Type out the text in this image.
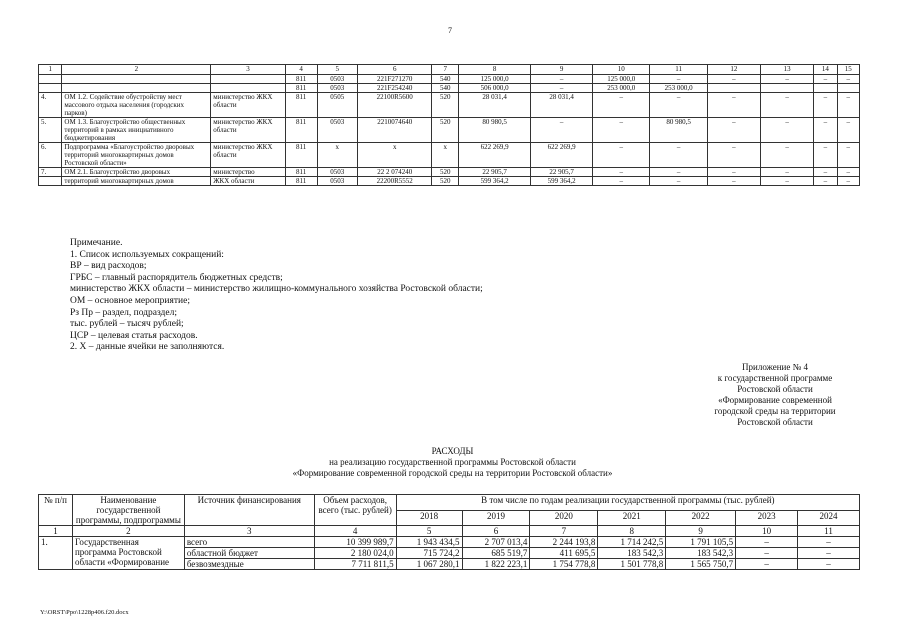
7
1	2	3	4	5	6	7	8	9	10	11	12	13	14	15
			811	0503	221F271270	540	125 000,0	–	125 000,0	–	–	–	–	–
			811	0503	221F254240	540	506 000,0	–	253 000,0	253 000,0				
4.	ОМ 1.2. Содействие обустройству мест массового отдыха населения (городских парков)	министерство ЖКХ области	811	0505	22100R5600	520	28 031,4	28 031,4	–	–	–	–	–	–
5.	ОМ 1.3. Благоустройство общественных территорий в рамках инициативного бюджетирования	министерство ЖКХ области	811	0503	2210074640	520	80 980,5	–	–	80 980,5	–	–	–	–
6.	Подпрограмма «Благоустройство дворовых территорий многоквартирных домов Ростовской области»	министерство ЖКХ области	811	х	х	х	622 269,9	622 269,9	–	–	–	–	–	–
7.	ОМ 2.1. Благоустройство дворовых	министерство	811	0503	22 2 074240	520	22 905,7	22 905,7	–	–	–	–	–	–
	территорий многоквартирных домов	ЖКХ области	811	0503	22200R5552	520	599 364,2	599 364,2	–	–	–	–	–	–
Примечание.
1. Список используемых сокращений:
ВР – вид расходов;
ГРБС – главный распорядитель бюджетных средств;
министерство ЖКХ области – министерство жилищно-коммунального хозяйства Ростовской области;
ОМ – основное мероприятие;
Рз Пр – раздел, подраздел;
тыс. рублей – тысяч рублей;
ЦСР – целевая статья расходов.
2. Х – данные ячейки не заполняются.
Приложение № 4
к государственной программе
Ростовской области
«Формирование современной
городской среды на территории
Ростовской области
РАСХОДЫ
на реализацию государственной программы Ростовской области
«Формирование современной городской среды на территории Ростовской области»
№ п/п	Наименование государственной программы, подпрограммы	Источник финансирования	Объем расходов, всего (тыс. рублей)	В том числе по годам реализации государственной программы (тыс. рублей)						
				2018	2019	2020	2021	2022	2023	2024
1	2	3	4	5	6	7	8	9	10	11
1.	Государственная программа Ростовской области «Формирование	всего	10 399 989,7	1 943 434,5	2 707 013,4	2 244 193,8	1 714 242,5	1 791 105,5	–	–
		областной бюджет	2 180 024,0	715 724,2	685 519,7	411 695,5	183 542,3	183 542,3	–	–
		безвозмездные	7 711 811,5	1 067 280,1	1 822 223,1	1 754 778,8	1 501 778,8	1 565 750,7	–	–
Y:\ORST\Ppo\1228p406.f20.docx
